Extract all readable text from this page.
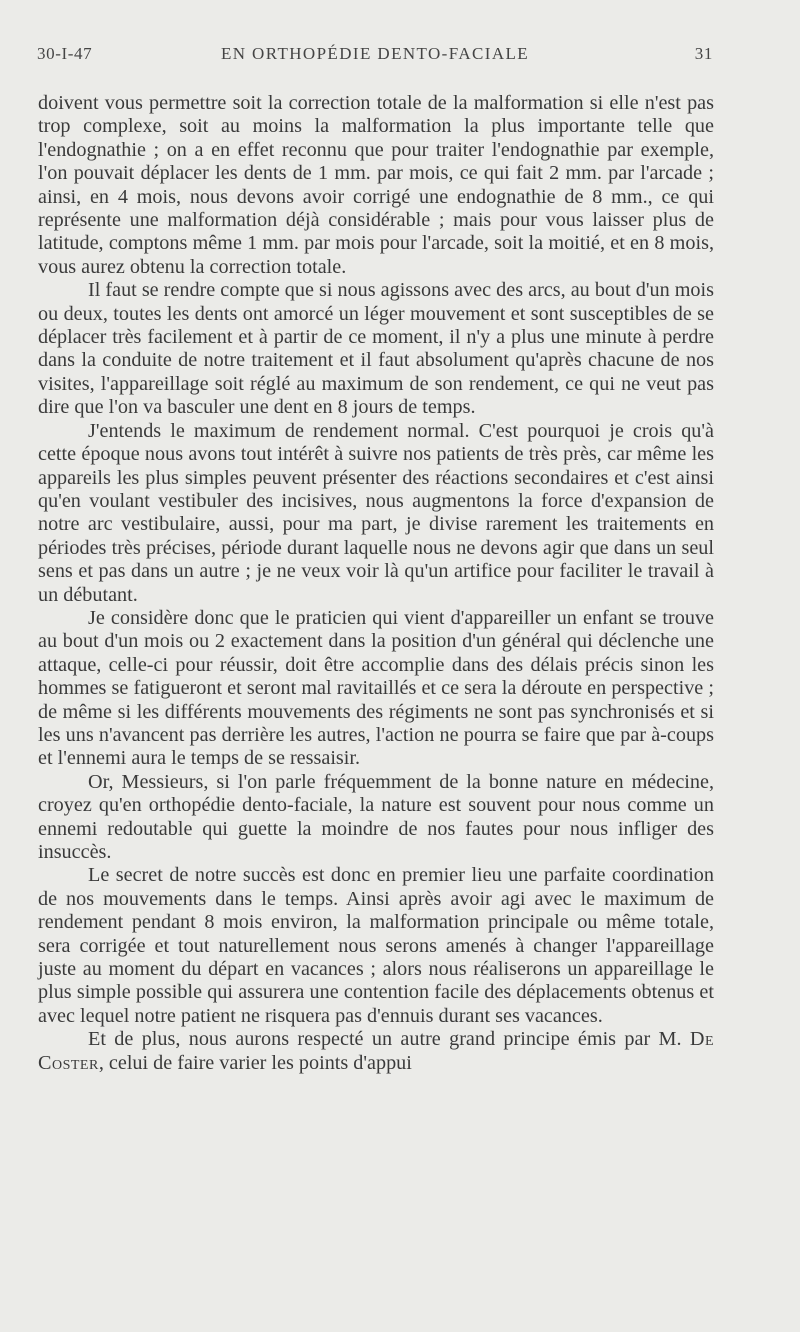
30-I-47	EN ORTHOPÉDIE DENTO-FACIALE	31

doivent vous permettre soit la correction totale de la malformation si elle n'est pas trop complexe, soit au moins la malformation la plus importante telle que l'endognathie ; on a en effet reconnu que pour traiter l'endognathie par exemple, l'on pouvait déplacer les dents de 1 mm. par mois, ce qui fait 2 mm. par l'arcade ; ainsi, en 4 mois, nous devons avoir corrigé une endognathie de 8 mm., ce qui représente une malformation déjà considérable ; mais pour vous laisser plus de latitude, comptons même 1 mm. par mois pour l'arcade, soit la moitié, et en 8 mois, vous aurez obtenu la correction totale.

Il faut se rendre compte que si nous agissons avec des arcs, au bout d'un mois ou deux, toutes les dents ont amorcé un léger mouvement et sont susceptibles de se déplacer très facilement et à partir de ce moment, il n'y a plus une minute à perdre dans la conduite de notre traitement et il faut absolument qu'après chacune de nos visites, l'appareillage soit réglé au maximum de son rendement, ce qui ne veut pas dire que l'on va basculer une dent en 8 jours de temps.

J'entends le maximum de rendement normal. C'est pourquoi je crois qu'à cette époque nous avons tout intérêt à suivre nos patients de très près, car même les appareils les plus simples peuvent présenter des réactions secondaires et c'est ainsi qu'en voulant vestibuler des incisives, nous augmentons la force d'expansion de notre arc vestibulaire, aussi, pour ma part, je divise rarement les traitements en périodes très précises, période durant laquelle nous ne devons agir que dans un seul sens et pas dans un autre ; je ne veux voir là qu'un artifice pour faciliter le travail à un débutant.

Je considère donc que le praticien qui vient d'appareiller un enfant se trouve au bout d'un mois ou 2 exactement dans la position d'un général qui déclenche une attaque, celle-ci pour réussir, doit être accomplie dans des délais précis sinon les hommes se fatigueront et seront mal ravitaillés et ce sera la déroute en perspective ; de même si les différents mouvements des régiments ne sont pas synchronisés et si les uns n'avancent pas derrière les autres, l'action ne pourra se faire que par à-coups et l'ennemi aura le temps de se ressaisir.

Or, Messieurs, si l'on parle fréquemment de la bonne nature en médecine, croyez qu'en orthopédie dento-faciale, la nature est souvent pour nous comme un ennemi redoutable qui guette la moindre de nos fautes pour nous infliger des insuccès.

Le secret de notre succès est donc en premier lieu une parfaite coordination de nos mouvements dans le temps. Ainsi après avoir agi avec le maximum de rendement pendant 8 mois environ, la malformation principale ou même totale, sera corrigée et tout naturellement nous serons amenés à changer l'appareillage juste au moment du départ en vacances ; alors nous réaliserons un appareillage le plus simple possible qui assurera une contention facile des déplacements obtenus et avec lequel notre patient ne risquera pas d'ennuis durant ses vacances.

Et de plus, nous aurons respecté un autre grand principe émis par M. De Coster, celui de faire varier les points d'appui
